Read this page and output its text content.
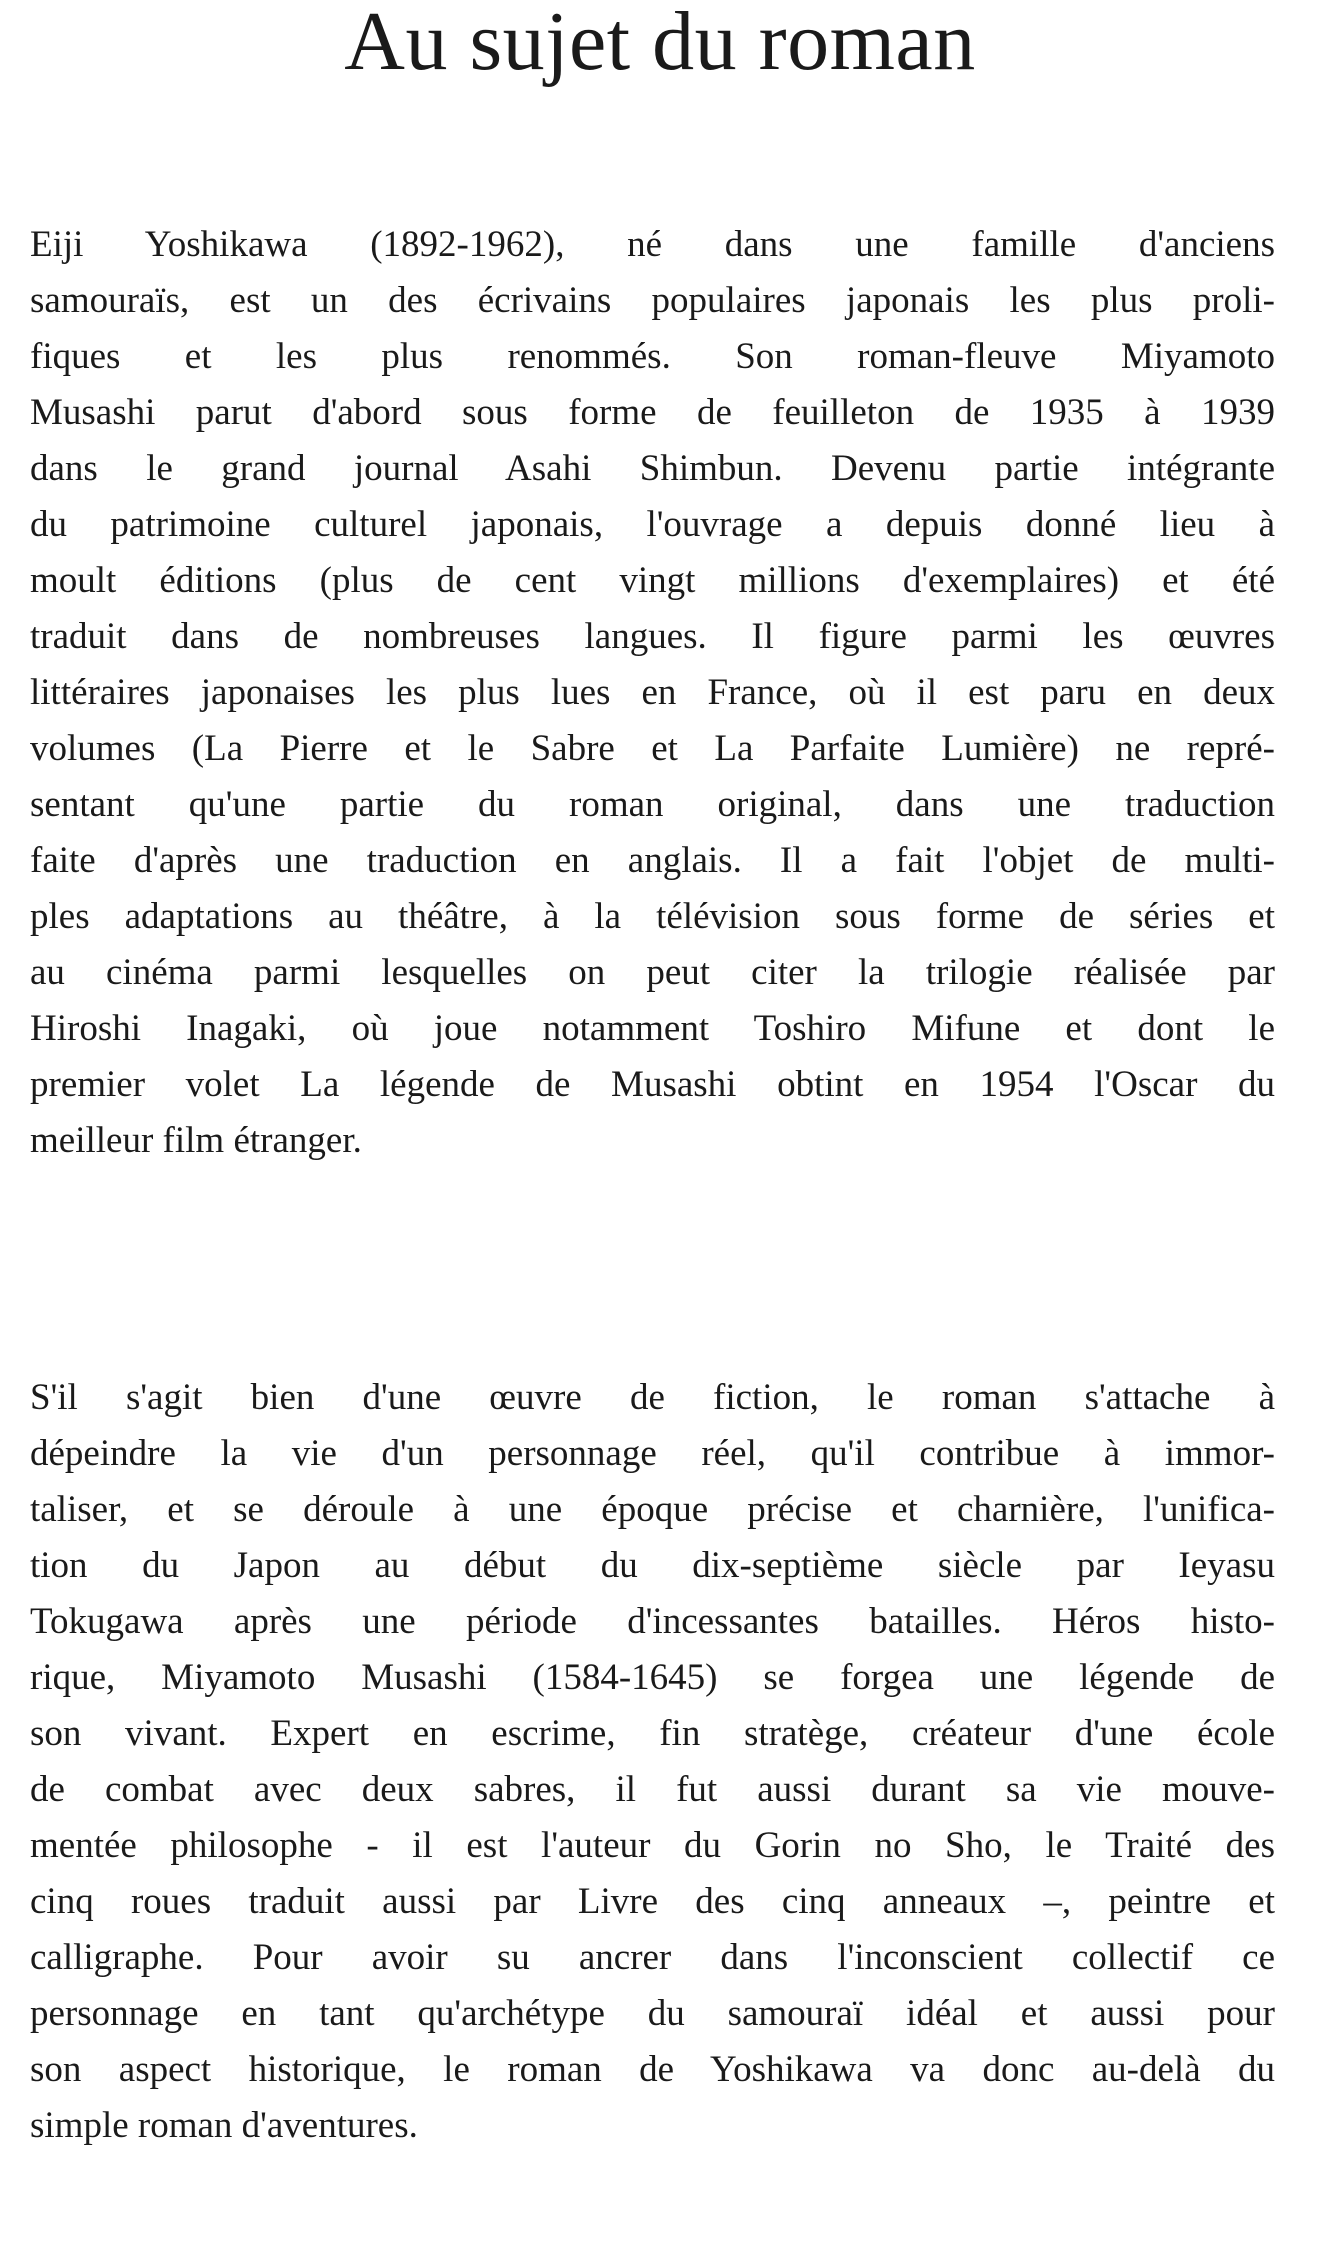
Au sujet du roman

Eiji Yoshikawa (1892-1962), né dans une famille d'anciens
samouraïs, est un des écrivains populaires japonais les plus proli-
fiques et les plus renommés. Son roman-fleuve Miyamoto
Musashi parut d'abord sous forme de feuilleton de 1935 à 1939
dans le grand journal Asahi Shimbun. Devenu partie intégrante
du patrimoine culturel japonais, l'ouvrage a depuis donné lieu à
moult éditions (plus de cent vingt millions d'exemplaires) et été
traduit dans de nombreuses langues. Il figure parmi les œuvres
littéraires japonaises les plus lues en France, où il est paru en deux
volumes (La Pierre et le Sabre et La Parfaite Lumière) ne repré-
sentant qu'une partie du roman original, dans une traduction
faite d'après une traduction en anglais. Il a fait l'objet de multi-
ples adaptations au théâtre, à la télévision sous forme de séries et
au cinéma parmi lesquelles on peut citer la trilogie réalisée par
Hiroshi Inagaki, où joue notamment Toshiro Mifune et dont le
premier volet La légende de Musashi obtint en 1954 l'Oscar du
meilleur film étranger.

S'il s'agit bien d'une œuvre de fiction, le roman s'attache à
dépeindre la vie d'un personnage réel, qu'il contribue à immor-
taliser, et se déroule à une époque précise et charnière, l'unifica-
tion du Japon au début du dix-septième siècle par Ieyasu
Tokugawa après une période d'incessantes batailles. Héros histo-
rique, Miyamoto Musashi (1584-1645) se forgea une légende de
son vivant. Expert en escrime, fin stratège, créateur d'une école
de combat avec deux sabres, il fut aussi durant sa vie mouve-
mentée philosophe - il est l'auteur du Gorin no Sho, le Traité des
cinq roues traduit aussi par Livre des cinq anneaux –, peintre et
calligraphe. Pour avoir su ancrer dans l'inconscient collectif ce
personnage en tant qu'archétype du samouraï idéal et aussi pour
son aspect historique, le roman de Yoshikawa va donc au-delà du
simple roman d'aventures.
